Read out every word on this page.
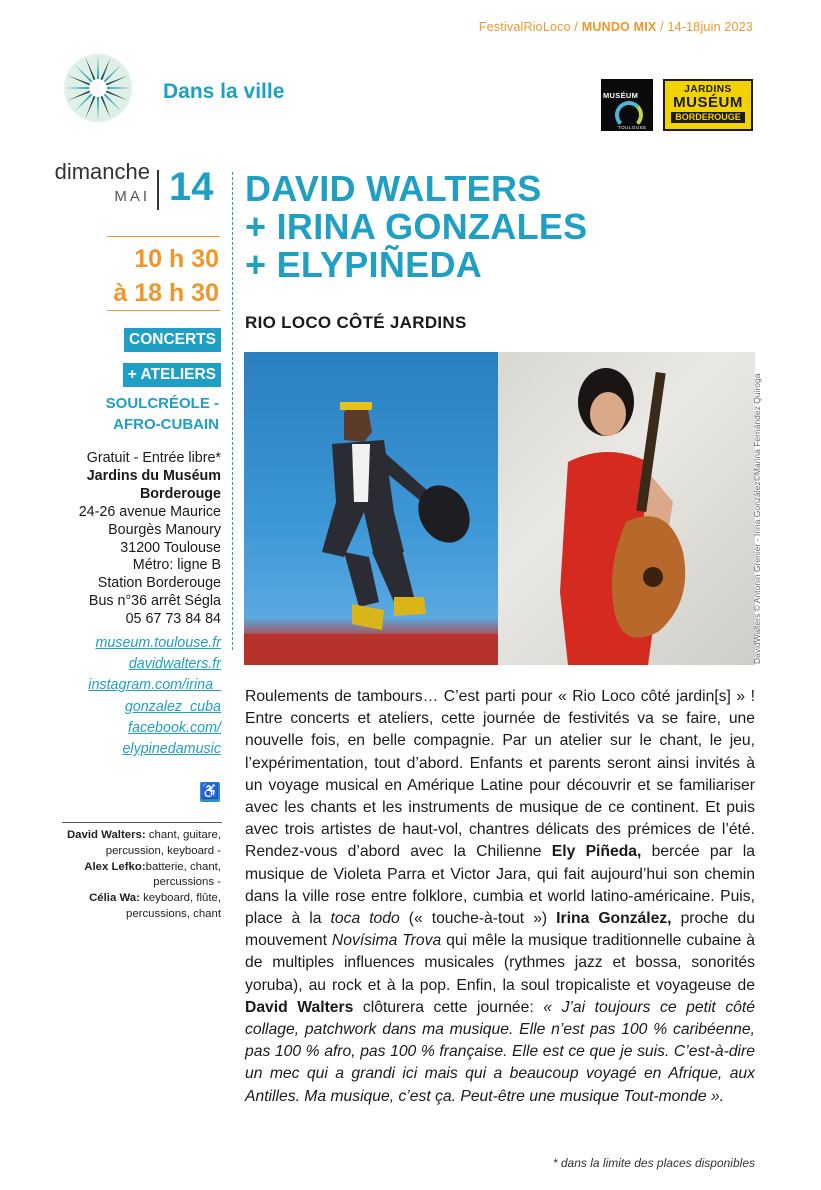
FestivalRioLoco / MUNDO MIX / 14-18juin 2023
Dans la ville	MUSÉUM
TOULOUSE
JARDINS
MUSÉUM
BORDEROUGE
dimanche
MAI 14
10 h 30
à 18 h 30
CONCERTS
+ ATELIERS
SOULCRÉOLE -
AFRO-CUBAIN
Gratuit - Entrée libre*
Jardins du Muséum
Borderouge
24-26 avenue Maurice
Bourgès Manoury
31200 Toulouse
Métro: ligne B
Station Borderouge
Bus n°36 arrêt Ségla
05 67 73 84 84
museum.toulouse.fr
davidwalters.fr
instagram.com/irina_
gonzalez_cuba
facebook.com/
elypinedamusic
♿
David Walters: chant, guitare,
percussion, keyboard -
Alex Lefko:batterie, chant,
percussions -
Célia Wa: keyboard, flûte,
percussions, chant
DAVID WALTERS
+ IRINA GONZALES
+ ELYPIÑEDA
RIO LOCO CÔTÉ JARDINS
DavidWalters © Antonin Grenier - Irina González©Marina Fernández Quiroga
Roulements de tambours… C’est parti pour « Rio Loco côté jardin[s] » ! Entre concerts et ateliers, cette journée de festivités va se faire, une nouvelle fois, en belle compagnie. Par un atelier sur le chant, le jeu, l’expérimentation, tout d’abord. Enfants et parents seront ainsi invités à un voyage musical en Amérique Latine pour découvrir et se familiariser avec les chants et les instruments de musique de ce continent. Et puis avec trois artistes de haut-vol, chantres délicats des prémices de l’été. Rendez-vous d’abord avec la Chilienne Ely Piñeda, bercée par la musique de Violeta Parra et Victor Jara, qui fait aujourd’hui son chemin dans la ville rose entre folklore, cumbia et world latino-américaine. Puis, place à la toca todo (« touche-à-tout ») Irina González, proche du mouvement Novísima Trova qui mêle la musique traditionnelle cubaine à de multiples influences musicales (rythmes jazz et bossa, sonorités yoruba), au rock et à la pop. Enfin, la soul tropicaliste et voyageuse de David Walters clôturera cette journée: « J’ai toujours ce petit côté collage, patchwork dans ma musique. Elle n’est pas 100 % caribéenne, pas 100 % afro, pas 100 % française. Elle est ce que je suis. C’est-à-dire un mec qui a grandi ici mais qui a beaucoup voyagé en Afrique, aux Antilles. Ma musique, c’est ça. Peut-être une musique Tout-monde ».
* dans la limite des places disponibles
